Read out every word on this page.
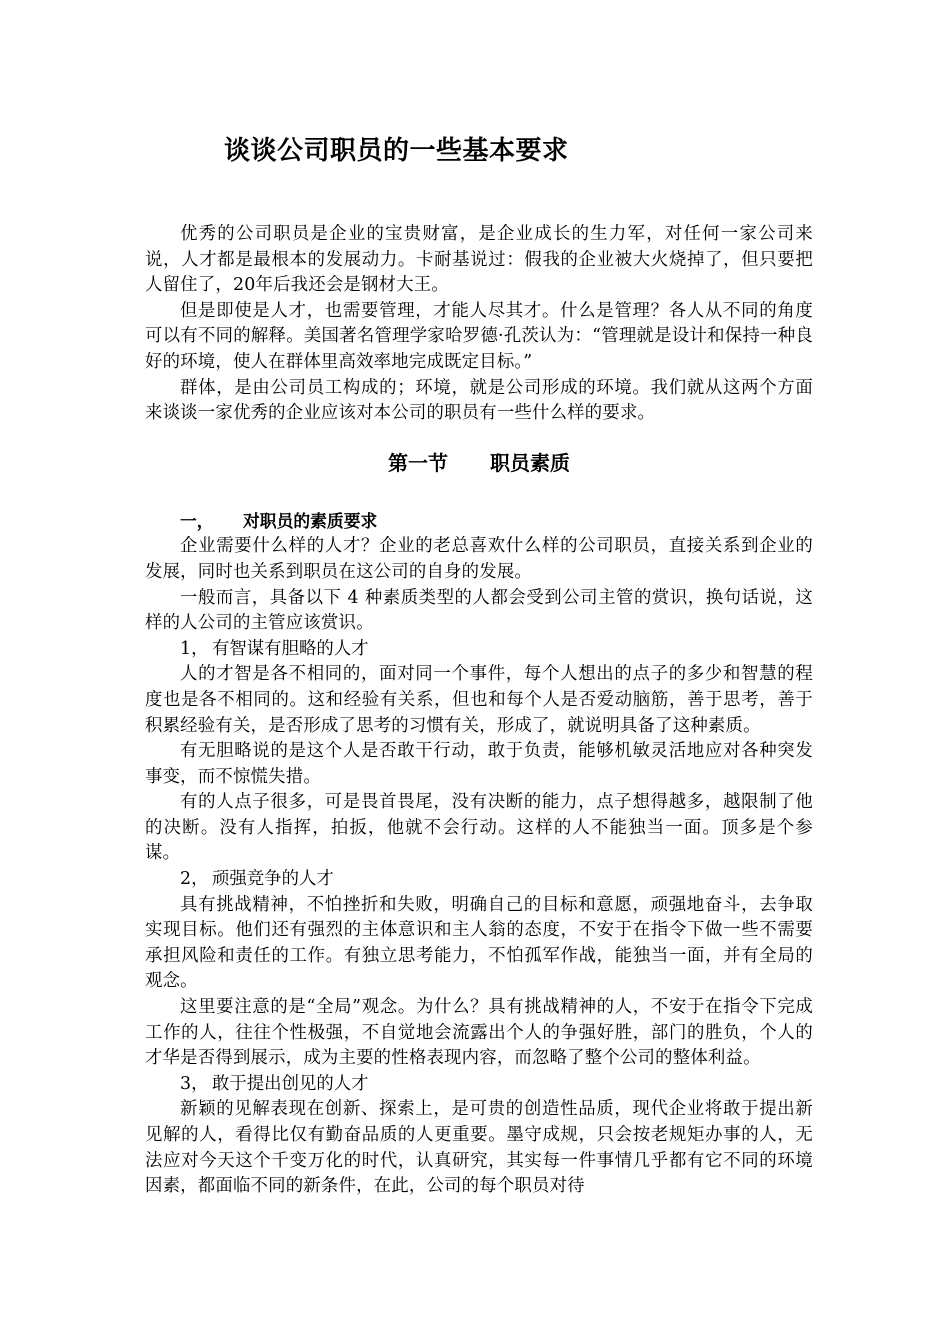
谈谈公司职员的一些基本要求

优秀的公司职员是企业的宝贵财富，是企业成长的生力军，对任何一家公司来说，人才都是最根本的发展动力。卡耐基说过：假我的企业被大火烧掉了，但只要把人留住了，20年后我还会是钢材大王。

但是即使是人才，也需要管理，才能人尽其才。什么是管理？各人从不同的角度可以有不同的解释。美国著名管理学家哈罗德·孔茨认为：“管理就是设计和保持一种良好的环境，使人在群体里高效率地完成既定目标。”

群体，是由公司员工构成的；环境，就是公司形成的环境。我们就从这两个方面来谈谈一家优秀的企业应该对本公司的职员有一些什么样的要求。

第一节 职员素质
一， 对职员的素质要求

企业需要什么样的人才？企业的老总喜欢什么样的公司职员，直接关系到企业的发展，同时也关系到职员在这公司的自身的发展。

一般而言，具备以下 4 种素质类型的人都会受到公司主管的赏识，换句话说，这样的人公司的主管应该赏识。

1， 有智谋有胆略的人才

人的才智是各不相同的，面对同一个事件，每个人想出的点子的多少和智慧的程度也是各不相同的。这和经验有关系，但也和每个人是否爱动脑筋，善于思考，善于积累经验有关，是否形成了思考的习惯有关，形成了，就说明具备了这种素质。

有无胆略说的是这个人是否敢干行动，敢于负责，能够机敏灵活地应对各种突发事变，而不惊慌失措。

有的人点子很多，可是畏首畏尾，没有决断的能力，点子想得越多，越限制了他的决断。没有人指挥，拍扳，他就不会行动。这样的人不能独当一面。顶多是个参谋。

2， 顽强竞争的人才

具有挑战精神，不怕挫折和失败，明确自己的目标和意愿，顽强地奋斗，去争取实现目标。他们还有强烈的主体意识和主人翁的态度，不安于在指令下做一些不需要承担风险和责任的工作。有独立思考能力，不怕孤军作战，能独当一面，并有全局的观念。

这里要注意的是“全局”观念。为什么？具有挑战精神的人，不安于在指令下完成工作的人，往往个性极强，不自觉地会流露出个人的争强好胜，部门的胜负，个人的才华是否得到展示，成为主要的性格表现内容，而忽略了整个公司的整体利益。

3， 敢于提出创见的人才

新颖的见解表现在创新、探索上，是可贵的创造性品质，现代企业将敢于提出新见解的人，看得比仅有勤奋品质的人更重要。墨守成规，只会按老规矩办事的人，无法应对今天这个千变万化的时代，认真研究，其实每一件事情几乎都有它不同的环境因素，都面临不同的新条件，在此，公司的每个职员对待
